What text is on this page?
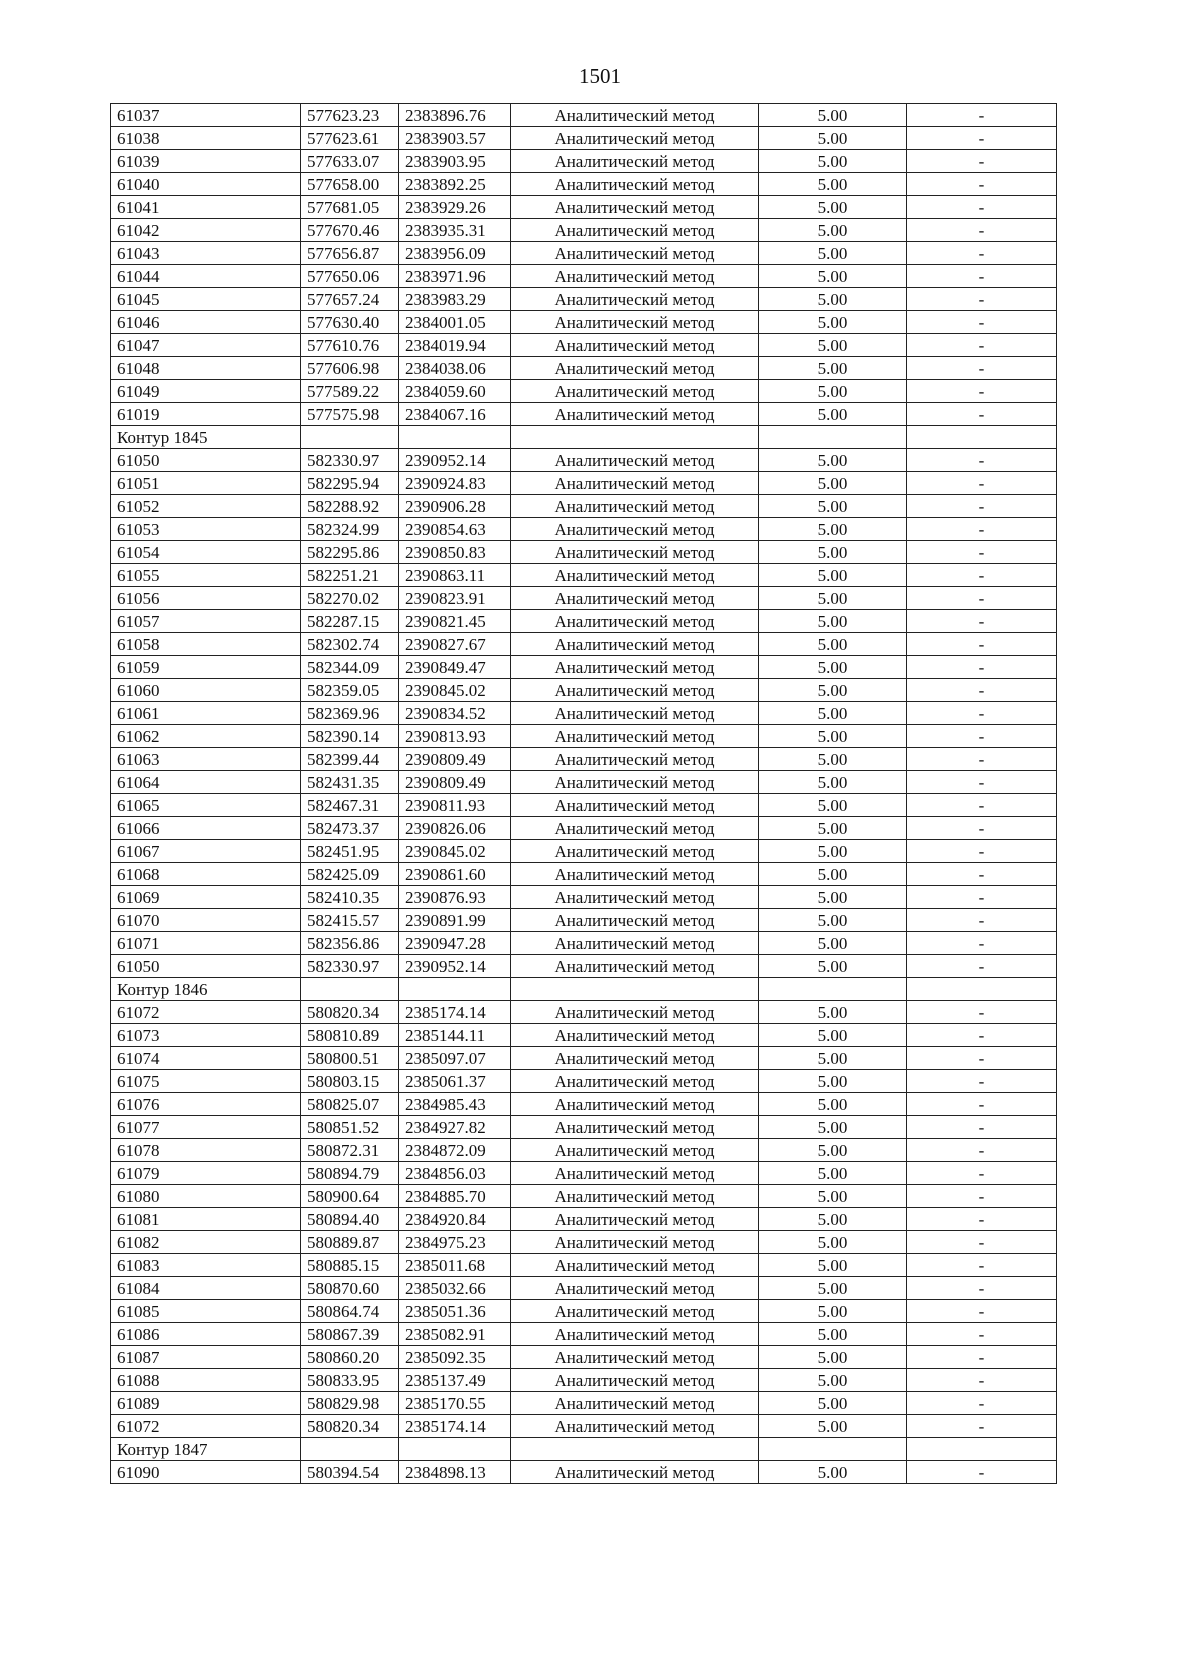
1501
61037	577623.23	2383896.76	Аналитический метод	5.00	-
61038	577623.61	2383903.57	Аналитический метод	5.00	-
61039	577633.07	2383903.95	Аналитический метод	5.00	-
61040	577658.00	2383892.25	Аналитический метод	5.00	-
61041	577681.05	2383929.26	Аналитический метод	5.00	-
61042	577670.46	2383935.31	Аналитический метод	5.00	-
61043	577656.87	2383956.09	Аналитический метод	5.00	-
61044	577650.06	2383971.96	Аналитический метод	5.00	-
61045	577657.24	2383983.29	Аналитический метод	5.00	-
61046	577630.40	2384001.05	Аналитический метод	5.00	-
61047	577610.76	2384019.94	Аналитический метод	5.00	-
61048	577606.98	2384038.06	Аналитический метод	5.00	-
61049	577589.22	2384059.60	Аналитический метод	5.00	-
61019	577575.98	2384067.16	Аналитический метод	5.00	-
Контур 1845					
61050	582330.97	2390952.14	Аналитический метод	5.00	-
61051	582295.94	2390924.83	Аналитический метод	5.00	-
61052	582288.92	2390906.28	Аналитический метод	5.00	-
61053	582324.99	2390854.63	Аналитический метод	5.00	-
61054	582295.86	2390850.83	Аналитический метод	5.00	-
61055	582251.21	2390863.11	Аналитический метод	5.00	-
61056	582270.02	2390823.91	Аналитический метод	5.00	-
61057	582287.15	2390821.45	Аналитический метод	5.00	-
61058	582302.74	2390827.67	Аналитический метод	5.00	-
61059	582344.09	2390849.47	Аналитический метод	5.00	-
61060	582359.05	2390845.02	Аналитический метод	5.00	-
61061	582369.96	2390834.52	Аналитический метод	5.00	-
61062	582390.14	2390813.93	Аналитический метод	5.00	-
61063	582399.44	2390809.49	Аналитический метод	5.00	-
61064	582431.35	2390809.49	Аналитический метод	5.00	-
61065	582467.31	2390811.93	Аналитический метод	5.00	-
61066	582473.37	2390826.06	Аналитический метод	5.00	-
61067	582451.95	2390845.02	Аналитический метод	5.00	-
61068	582425.09	2390861.60	Аналитический метод	5.00	-
61069	582410.35	2390876.93	Аналитический метод	5.00	-
61070	582415.57	2390891.99	Аналитический метод	5.00	-
61071	582356.86	2390947.28	Аналитический метод	5.00	-
61050	582330.97	2390952.14	Аналитический метод	5.00	-
Контур 1846					
61072	580820.34	2385174.14	Аналитический метод	5.00	-
61073	580810.89	2385144.11	Аналитический метод	5.00	-
61074	580800.51	2385097.07	Аналитический метод	5.00	-
61075	580803.15	2385061.37	Аналитический метод	5.00	-
61076	580825.07	2384985.43	Аналитический метод	5.00	-
61077	580851.52	2384927.82	Аналитический метод	5.00	-
61078	580872.31	2384872.09	Аналитический метод	5.00	-
61079	580894.79	2384856.03	Аналитический метод	5.00	-
61080	580900.64	2384885.70	Аналитический метод	5.00	-
61081	580894.40	2384920.84	Аналитический метод	5.00	-
61082	580889.87	2384975.23	Аналитический метод	5.00	-
61083	580885.15	2385011.68	Аналитический метод	5.00	-
61084	580870.60	2385032.66	Аналитический метод	5.00	-
61085	580864.74	2385051.36	Аналитический метод	5.00	-
61086	580867.39	2385082.91	Аналитический метод	5.00	-
61087	580860.20	2385092.35	Аналитический метод	5.00	-
61088	580833.95	2385137.49	Аналитический метод	5.00	-
61089	580829.98	2385170.55	Аналитический метод	5.00	-
61072	580820.34	2385174.14	Аналитический метод	5.00	-
Контур 1847					
61090	580394.54	2384898.13	Аналитический метод	5.00	-
